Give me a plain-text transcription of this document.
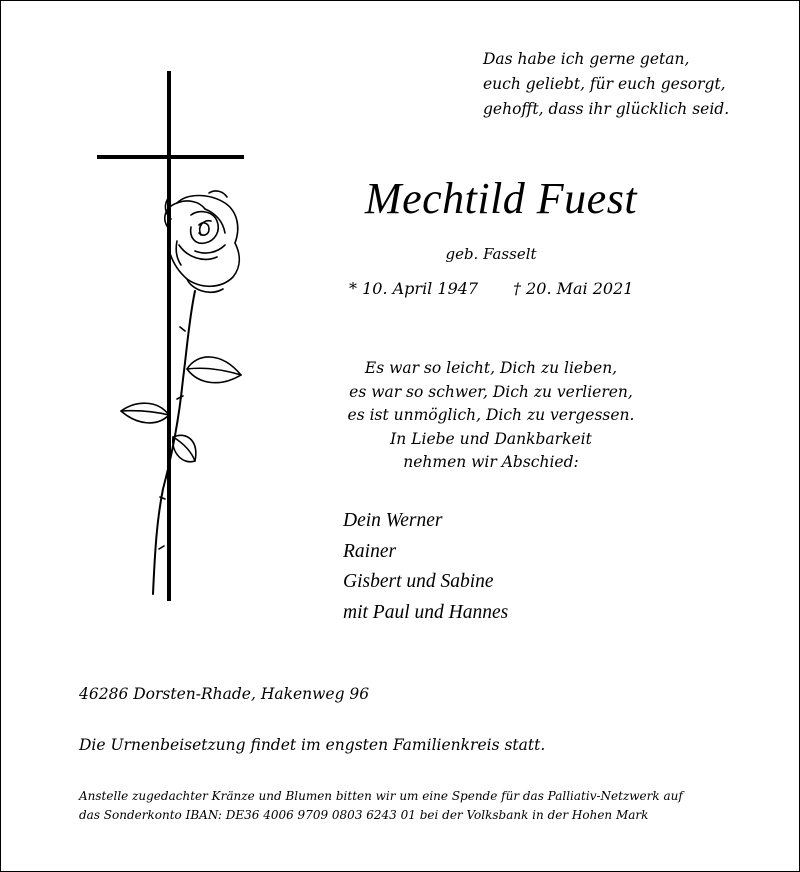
Das habe ich gerne getan,
euch geliebt, für euch gesorgt,
gehofft, dass ihr glücklich seid.
Mechtild Fuest
geb. Fasselt
* 10. April 1947 † 20. Mai 2021
Es war so leicht, Dich zu lieben,
es war so schwer, Dich zu verlieren,
es ist unmöglich, Dich zu vergessen.
In Liebe und Dankbarkeit
nehmen wir Abschied:
Dein Werner
Rainer
Gisbert und Sabine
mit Paul und Hannes
46286 Dorsten-Rhade, Hakenweg 96
Die Urnenbeisetzung findet im engsten Familienkreis statt.
Anstelle zugedachter Kränze und Blumen bitten wir um eine Spende für das Palliativ-Netzwerk auf
das Sonderkonto IBAN: DE36 4006 9709 0803 6243 01 bei der Volksbank in der Hohen Mark
